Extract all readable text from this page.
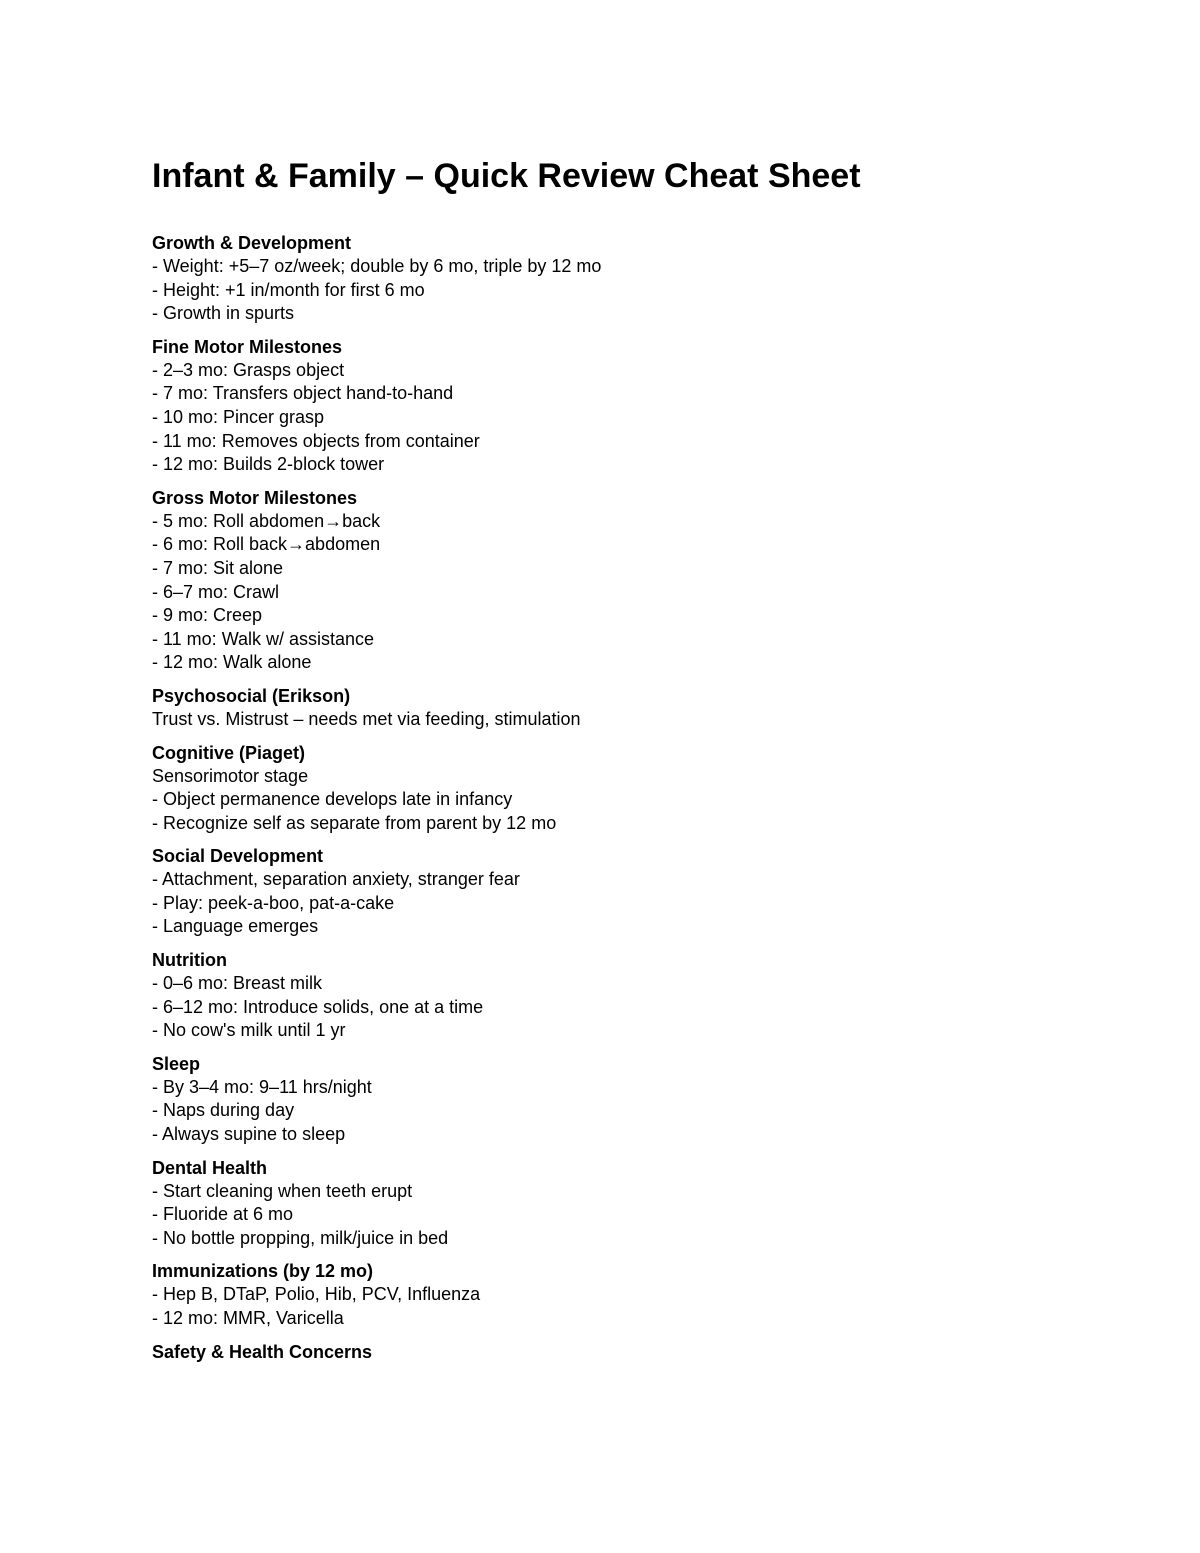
Infant & Family – Quick Review Cheat Sheet
Growth & Development
- Weight: +5–7 oz/week; double by 6 mo, triple by 12 mo
- Height: +1 in/month for first 6 mo
- Growth in spurts
Fine Motor Milestones
- 2–3 mo: Grasps object
- 7 mo: Transfers object hand-to-hand
- 10 mo: Pincer grasp
- 11 mo: Removes objects from container
- 12 mo: Builds 2-block tower
Gross Motor Milestones
- 5 mo: Roll abdomen→back
- 6 mo: Roll back→abdomen
- 7 mo: Sit alone
- 6–7 mo: Crawl
- 9 mo: Creep
- 11 mo: Walk w/ assistance
- 12 mo: Walk alone
Psychosocial (Erikson)
Trust vs. Mistrust – needs met via feeding, stimulation
Cognitive (Piaget)
Sensorimotor stage
- Object permanence develops late in infancy
- Recognize self as separate from parent by 12 mo
Social Development
- Attachment, separation anxiety, stranger fear
- Play: peek-a-boo, pat-a-cake
- Language emerges
Nutrition
- 0–6 mo: Breast milk
- 6–12 mo: Introduce solids, one at a time
- No cow's milk until 1 yr
Sleep
- By 3–4 mo: 9–11 hrs/night
- Naps during day
- Always supine to sleep
Dental Health
- Start cleaning when teeth erupt
- Fluoride at 6 mo
- No bottle propping, milk/juice in bed
Immunizations (by 12 mo)
- Hep B, DTaP, Polio, Hib, PCV, Influenza
- 12 mo: MMR, Varicella
Safety & Health Concerns
